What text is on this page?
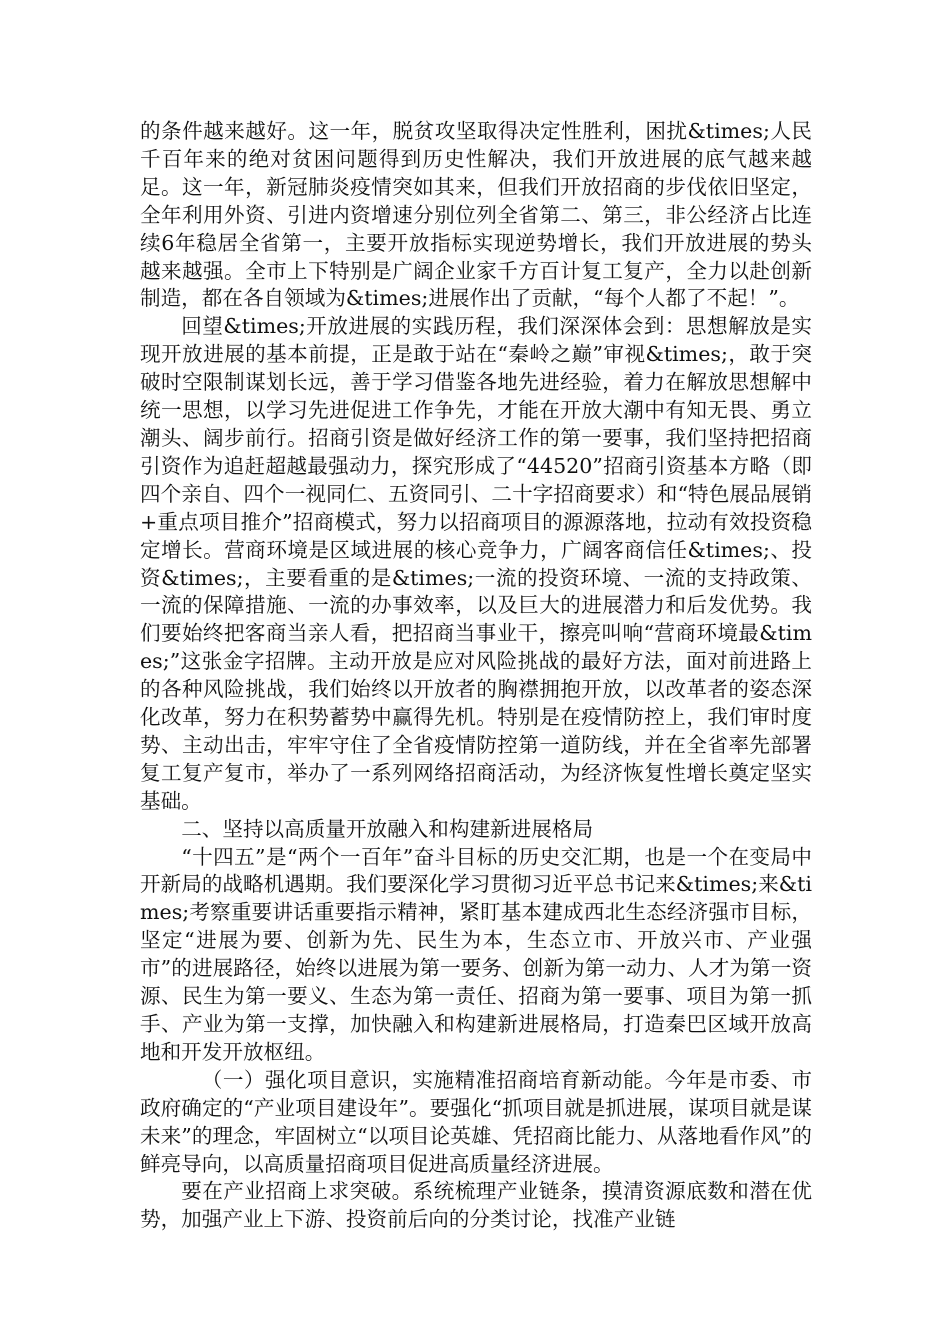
的条件越来越好。这一年，脱贫攻坚取得决定性胜利，困扰&times;人民千百年来的绝对贫困问题得到历史性解决，我们开放进展的底气越来越足。这一年，新冠肺炎疫情突如其来，但我们开放招商的步伐依旧坚定，全年利用外资、引进内资增速分别位列全省第二、第三，非公经济占比连续6年稳居全省第一，主要开放指标实现逆势增长，我们开放进展的势头越来越强。全市上下特别是广阔企业家千方百计复工复产，全力以赴创新制造，都在各自领域为&times;进展作出了贡献，“每个人都了不起！”。

回望&times;开放进展的实践历程，我们深深体会到：思想解放是实现开放进展的基本前提，正是敢于站在“秦岭之巅”审视&times;，敢于突破时空限制谋划长远，善于学习借鉴各地先进经验，着力在解放思想解中统一思想，以学习先进促进工作争先，才能在开放大潮中有知无畏、勇立潮头、阔步前行。招商引资是做好经济工作的第一要事，我们坚持把招商引资作为追赶超越最强动力，探究形成了“44520”招商引资基本方略（即四个亲自、四个一视同仁、五资同引、二十字招商要求）和“特色展品展销+重点项目推介”招商模式，努力以招商项目的源源落地，拉动有效投资稳定增长。营商环境是区域进展的核心竞争力，广阔客商信任&times;、投资&times;，主要看重的是&times;一流的投资环境、一流的支持政策、一流的保障措施、一流的办事效率，以及巨大的进展潜力和后发优势。我们要始终把客商当亲人看，把招商当事业干，擦亮叫响“营商环境最&times;”这张金字招牌。主动开放是应对风险挑战的最好方法，面对前进路上的各种风险挑战，我们始终以开放者的胸襟拥抱开放，以改革者的姿态深化改革，努力在积势蓄势中赢得先机。特别是在疫情防控上，我们审时度势、主动出击，牢牢守住了全省疫情防控第一道防线，并在全省率先部署复工复产复市，举办了一系列网络招商活动，为经济恢复性增长奠定坚实基础。

二、坚持以高质量开放融入和构建新进展格局

“十四五”是“两个一百年”奋斗目标的历史交汇期，也是一个在变局中开新局的战略机遇期。我们要深化学习贯彻习近平总书记来&times;来&times;考察重要讲话重要指示精神，紧盯基本建成西北生态经济强市目标，坚定“进展为要、创新为先、民生为本，生态立市、开放兴市、产业强市”的进展路径，始终以进展为第一要务、创新为第一动力、人才为第一资源、民生为第一要义、生态为第一责任、招商为第一要事、项目为第一抓手、产业为第一支撑，加快融入和构建新进展格局，打造秦巴区域开放高地和开发开放枢纽。

（一）强化项目意识，实施精准招商培育新动能。今年是市委、市政府确定的“产业项目建设年”。要强化“抓项目就是抓进展，谋项目就是谋未来”的理念，牢固树立“以项目论英雄、凭招商比能力、从落地看作风”的鲜亮导向，以高质量招商项目促进高质量经济进展。

要在产业招商上求突破。系统梳理产业链条，摸清资源底数和潜在优势，加强产业上下游、投资前后向的分类讨论，找准产业链
